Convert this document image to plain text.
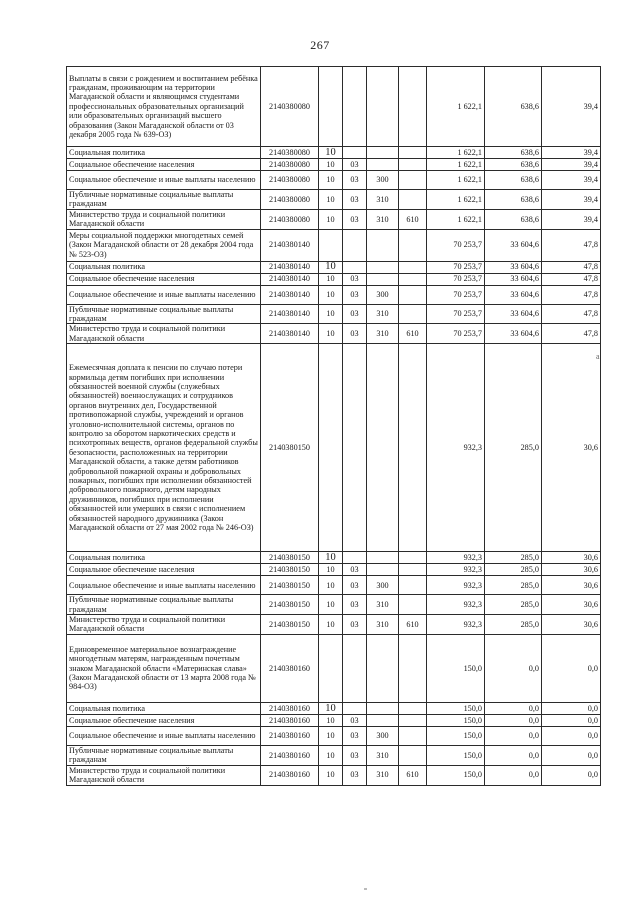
267
Выплаты в связи с рождением и воспитанием ребёнка гражданам, проживающим на территории Магаданской области и являющимся студентами профессиональных образовательных организаций или образовательных организаций высшего образования (Закон Магаданской области от 03 декабря 2005 года № 639-ОЗ)	2140380080					1 622,1	638,6	39,4
Социальная политика	2140380080	10				1 622,1	638,6	39,4
Социальное обеспечение населения	2140380080	10	03			1 622,1	638,6	39,4
Социальное обеспечение и иные выплаты населению	2140380080	10	03	300		1 622,1	638,6	39,4
Публичные нормативные социальные выплаты гражданам	2140380080	10	03	310		1 622,1	638,6	39,4
Министерство труда и социальной политики Магаданской области	2140380080	10	03	310	610	1 622,1	638,6	39,4
Меры социальной поддержки многодетных семей (Закон Магаданской области от 28 декабря 2004 года № 523-ОЗ)	2140380140					70 253,7	33 604,6	47,8
Социальная политика	2140380140	10				70 253,7	33 604,6	47,8
Социальное обеспечение населения	2140380140	10	03			70 253,7	33 604,6	47,8
Социальное обеспечение и иные выплаты населению	2140380140	10	03	300		70 253,7	33 604,6	47,8
Публичные нормативные социальные выплаты гражданам	2140380140	10	03	310		70 253,7	33 604,6	47,8
Министерство труда и социальной политики Магаданской области	2140380140	10	03	310	610	70 253,7	33 604,6	47,8
Ежемесячная доплата к пенсии по случаю потери кормильца детям погибших при исполнении обязанностей военной службы (служебных обязанностей) военнослужащих и сотрудников органов внутренних дел, Государственной противопожарной службы, учреждений и органов уголовно-исполнительной системы, органов по контролю за оборотом наркотических средств и психотропных веществ, органов федеральной службы безопасности, расположенных на территории Магаданской области, а также детям работников добровольной пожарной охраны и добровольных пожарных, погибших при исполнении обязанностей добровольного пожарного, детям народных дружинников, погибших при исполнении обязанностей или умерших в связи с исполнением обязанностей народного дружинника (Закон Магаданской области от 27 мая 2002 года № 246-ОЗ)	2140380150					932,3	285,0	30,6
Социальная политика	2140380150	10				932,3	285,0	30,6
Социальное обеспечение населения	2140380150	10	03			932,3	285,0	30,6
Социальное обеспечение и иные выплаты населению	2140380150	10	03	300		932,3	285,0	30,6
Публичные нормативные социальные выплаты гражданам	2140380150	10	03	310		932,3	285,0	30,6
Министерство труда и социальной политики Магаданской области	2140380150	10	03	310	610	932,3	285,0	30,6
Единовременное материальное вознаграждение многодетным матерям, награжденным почетным знаком Магаданской области «Материнская слава» (Закон Магаданской области от 13 марта 2008 года № 984-ОЗ)	2140380160					150,0	0,0	0,0
Социальная политика	2140380160	10				150,0	0,0	0,0
Социальное обеспечение населения	2140380160	10	03			150,0	0,0	0,0
Социальное обеспечение и иные выплаты населению	2140380160	10	03	300		150,0	0,0	0,0
Публичные нормативные социальные выплаты гражданам	2140380160	10	03	310		150,0	0,0	0,0
Министерство труда и социальной политики Магаданской области	2140380160	10	03	310	610	150,0	0,0	0,0
a
